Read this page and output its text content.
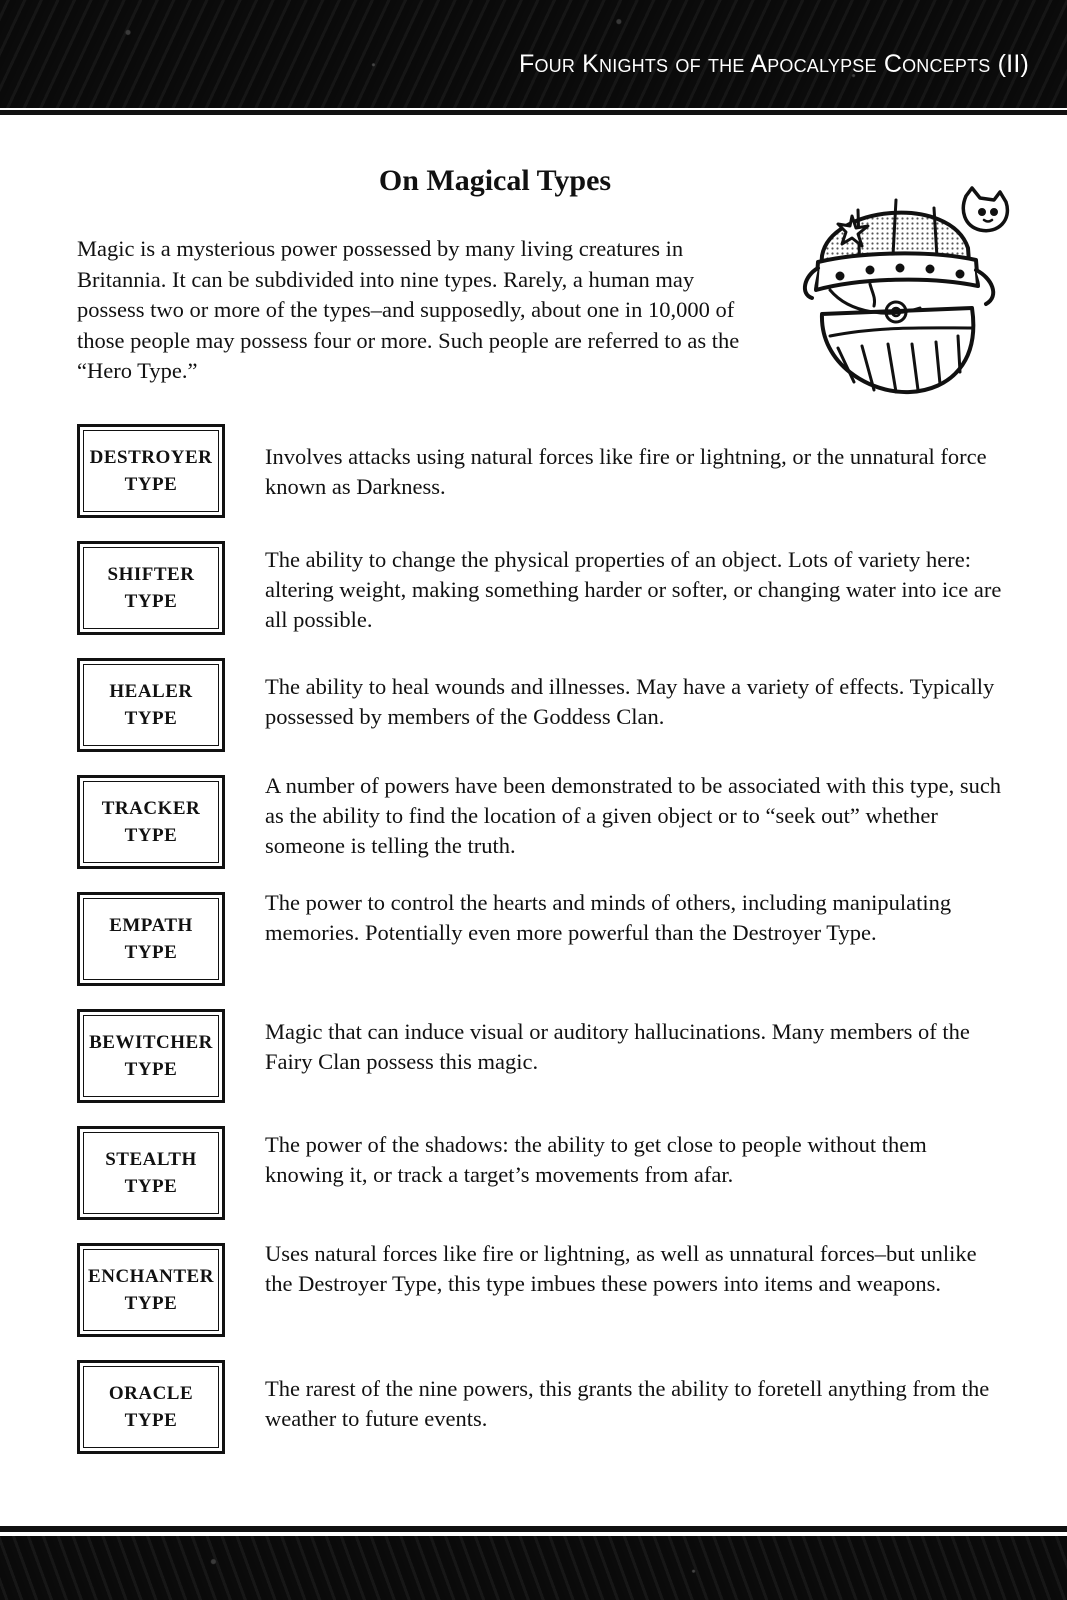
Four Knights of the Apocalypse Concepts (II)
On Magical Types

Magic is a mysterious power possessed by many living creatures in Britannia. It can be subdivided into nine types. Rarely, a human may possess two or more of the types–and supposedly, about one in 10,000 of those people may possess four or more. Such people are referred to as the “Hero Type.”

DESTROYER
TYPE

Involves attacks using natural forces like fire or lightning, or the unnatural force known as Darkness.

SHIFTER
TYPE

The ability to change the physical properties of an object. Lots of variety here: altering weight, making something harder or softer, or changing water into ice are all possible.

HEALER
TYPE

The ability to heal wounds and illnesses. May have a variety of effects. Typically possessed by members of the Goddess Clan.

TRACKER
TYPE

A number of powers have been demonstrated to be associated with this type, such as the ability to find the location of a given object or to “seek out” whether someone is telling the truth.

EMPATH
TYPE

The power to control the hearts and minds of others, including manipulating memories. Potentially even more powerful than the Destroyer Type.

BEWITCHER
TYPE

Magic that can induce visual or auditory hallucinations. Many members of the Fairy Clan possess this magic.

STEALTH
TYPE

The power of the shadows: the ability to get close to people without them knowing it, or track a target’s movements from afar.

ENCHANTER
TYPE

Uses natural forces like fire or lightning, as well as unnatural forces–but unlike the Destroyer Type, this type imbues these powers into items and weapons.

ORACLE
TYPE

The rarest of the nine powers, this grants the ability to foretell anything from the weather to future events.
